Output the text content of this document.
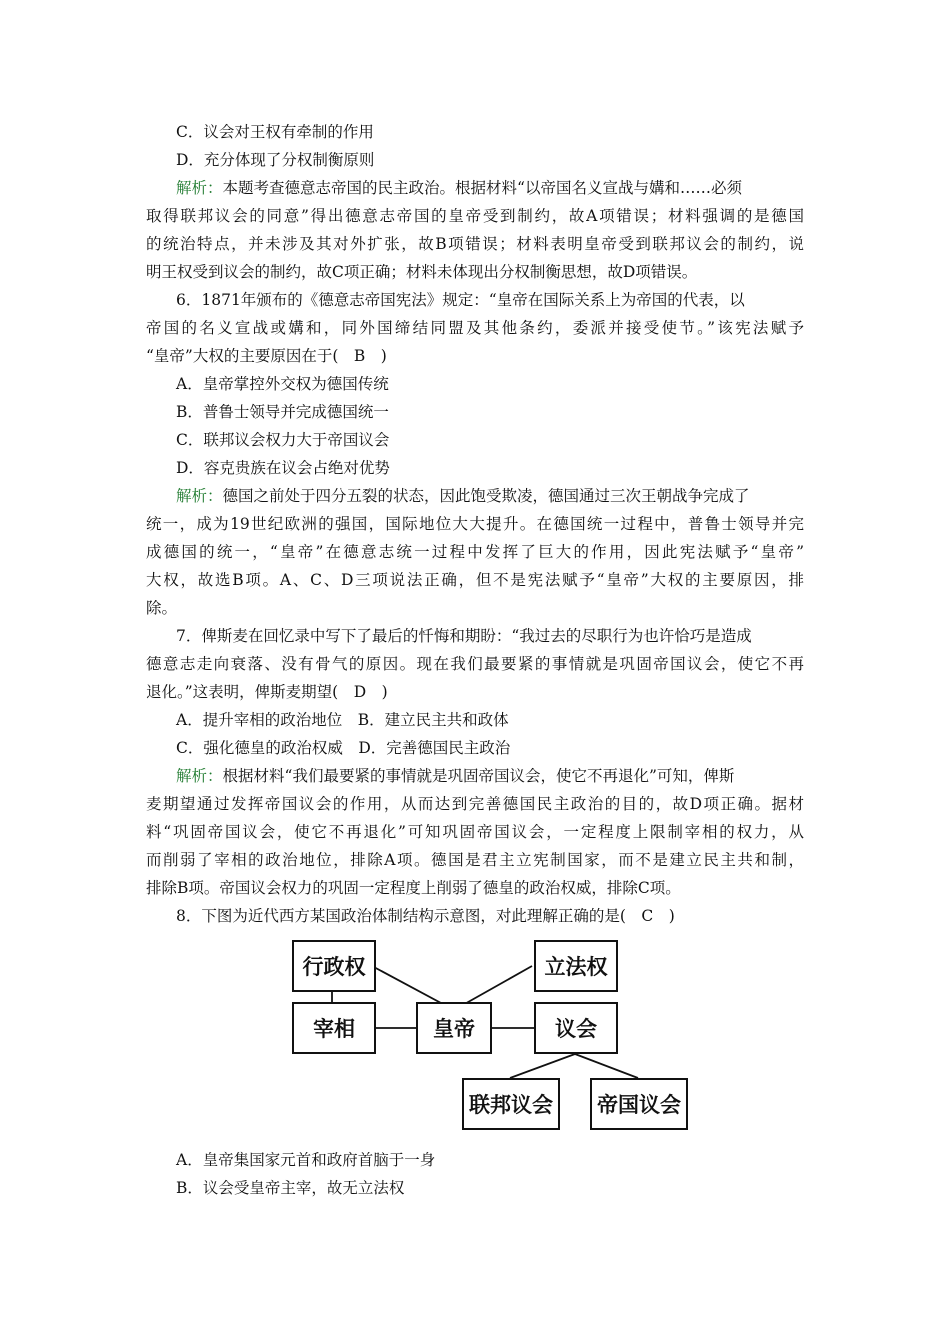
C．议会对王权有牵制的作用
D．充分体现了分权制衡原则
解析：本题考查德意志帝国的民主政治。根据材料“以帝国名义宣战与媾和……必须
取得联邦议会的同意”得出德意志帝国的皇帝受到制约，故A项错误；材料强调的是德国
的统治特点，并未涉及其对外扩张，故B项错误；材料表明皇帝受到联邦议会的制约，说
明王权受到议会的制约，故C项正确；材料未体现出分权制衡思想，故D项错误。
6．1871年颁布的《德意志帝国宪法》规定：“皇帝在国际关系上为帝国的代表，以
帝国的名义宣战或媾和，同外国缔结同盟及其他条约，委派并接受使节。”该宪法赋予
“皇帝”大权的主要原因在于(　B　)
A．皇帝掌控外交权为德国传统
B．普鲁士领导并完成德国统一
C．联邦议会权力大于帝国议会
D．容克贵族在议会占绝对优势
解析：德国之前处于四分五裂的状态，因此饱受欺凌，德国通过三次王朝战争完成了
统一，成为19世纪欧洲的强国，国际地位大大提升。在德国统一过程中，普鲁士领导并完
成德国的统一，“皇帝”在德意志统一过程中发挥了巨大的作用，因此宪法赋予“皇帝”
大权，故选B项。A、C、D三项说法正确，但不是宪法赋予“皇帝”大权的主要原因，排
除。
7．俾斯麦在回忆录中写下了最后的忏悔和期盼：“我过去的尽职行为也许恰巧是造成
德意志走向衰落、没有骨气的原因。现在我们最要紧的事情就是巩固帝国议会，使它不再
退化。”这表明，俾斯麦期望(　D　)
A．提升宰相的政治地位　B．建立民主共和政体
C．强化德皇的政治权威　D．完善德国民主政治
解析：根据材料“我们最要紧的事情就是巩固帝国议会，使它不再退化”可知，俾斯
麦期望通过发挥帝国议会的作用，从而达到完善德国民主政治的目的，故D项正确。据材
料“巩固帝国议会，使它不再退化”可知巩固帝国议会，一定程度上限制宰相的权力，从
而削弱了宰相的政治地位，排除A项。德国是君主立宪制国家，而不是建立民主共和制，
排除B项。帝国议会权力的巩固一定程度上削弱了德皇的政治权威，排除C项。
8．下图为近代西方某国政治体制结构示意图，对此理解正确的是(　C　)
行政权	立法权
宰相	皇帝	议会
联邦议会	帝国议会
A．皇帝集国家元首和政府首脑于一身
B．议会受皇帝主宰，故无立法权
